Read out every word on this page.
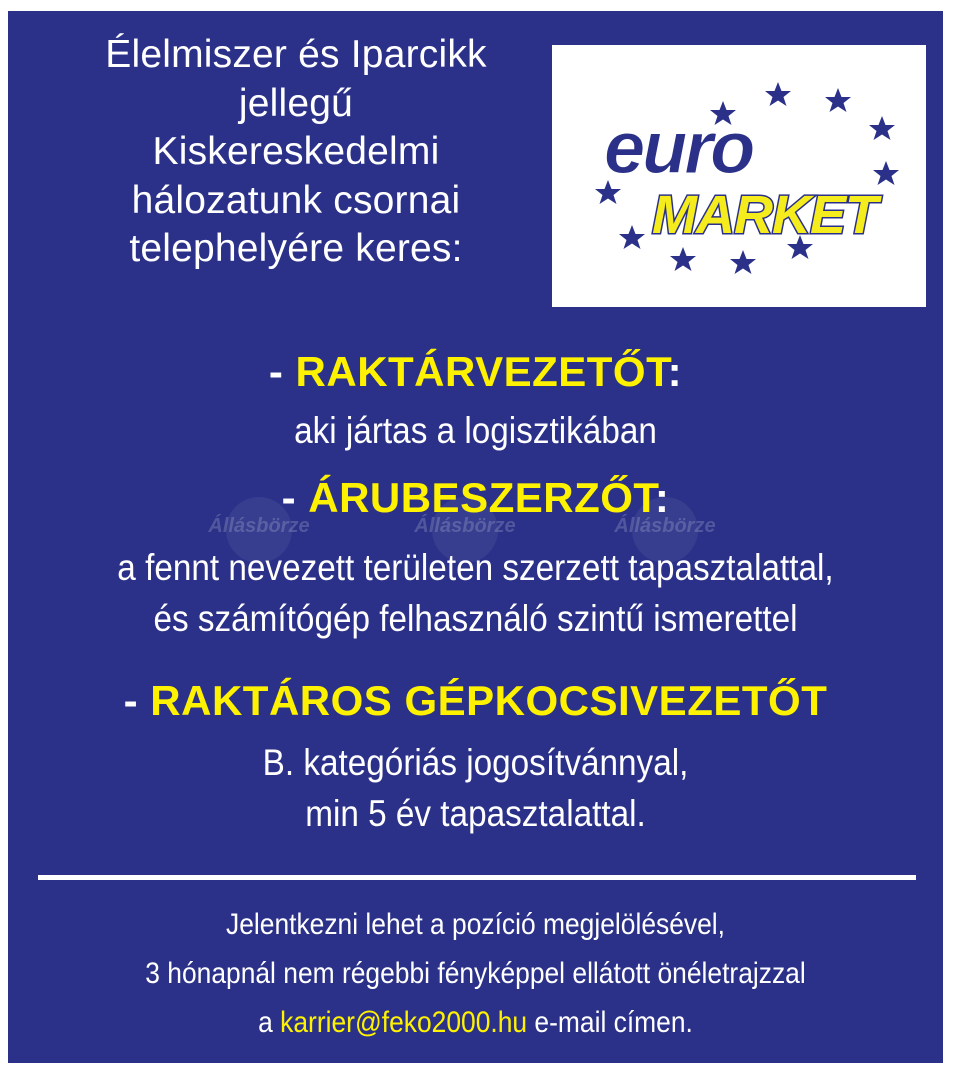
Élelmiszer és Iparcikk
jellegű
Kiskereskedelmi
hálozatunk csornai
telephelyére keres:
euro
MARKET
Állásbörze	Állásbörze	Állásbörze
- RAKTÁRVEZETŐT:
aki jártas a logisztikában
- ÁRUBESZERZŐT:
a fennt nevezett területen szerzett tapasztalattal,
és számítógép felhasználó szintű ismerettel
- RAKTÁROS GÉPKOCSIVEZETŐT
B. kategóriás jogosítvánnyal,
min 5 év tapasztalattal.
Jelentkezni lehet a pozíció megjelölésével,
3 hónapnál nem régebbi fényképpel ellátott önéletrajzzal
a karrier@feko2000.hu e-mail címen.
